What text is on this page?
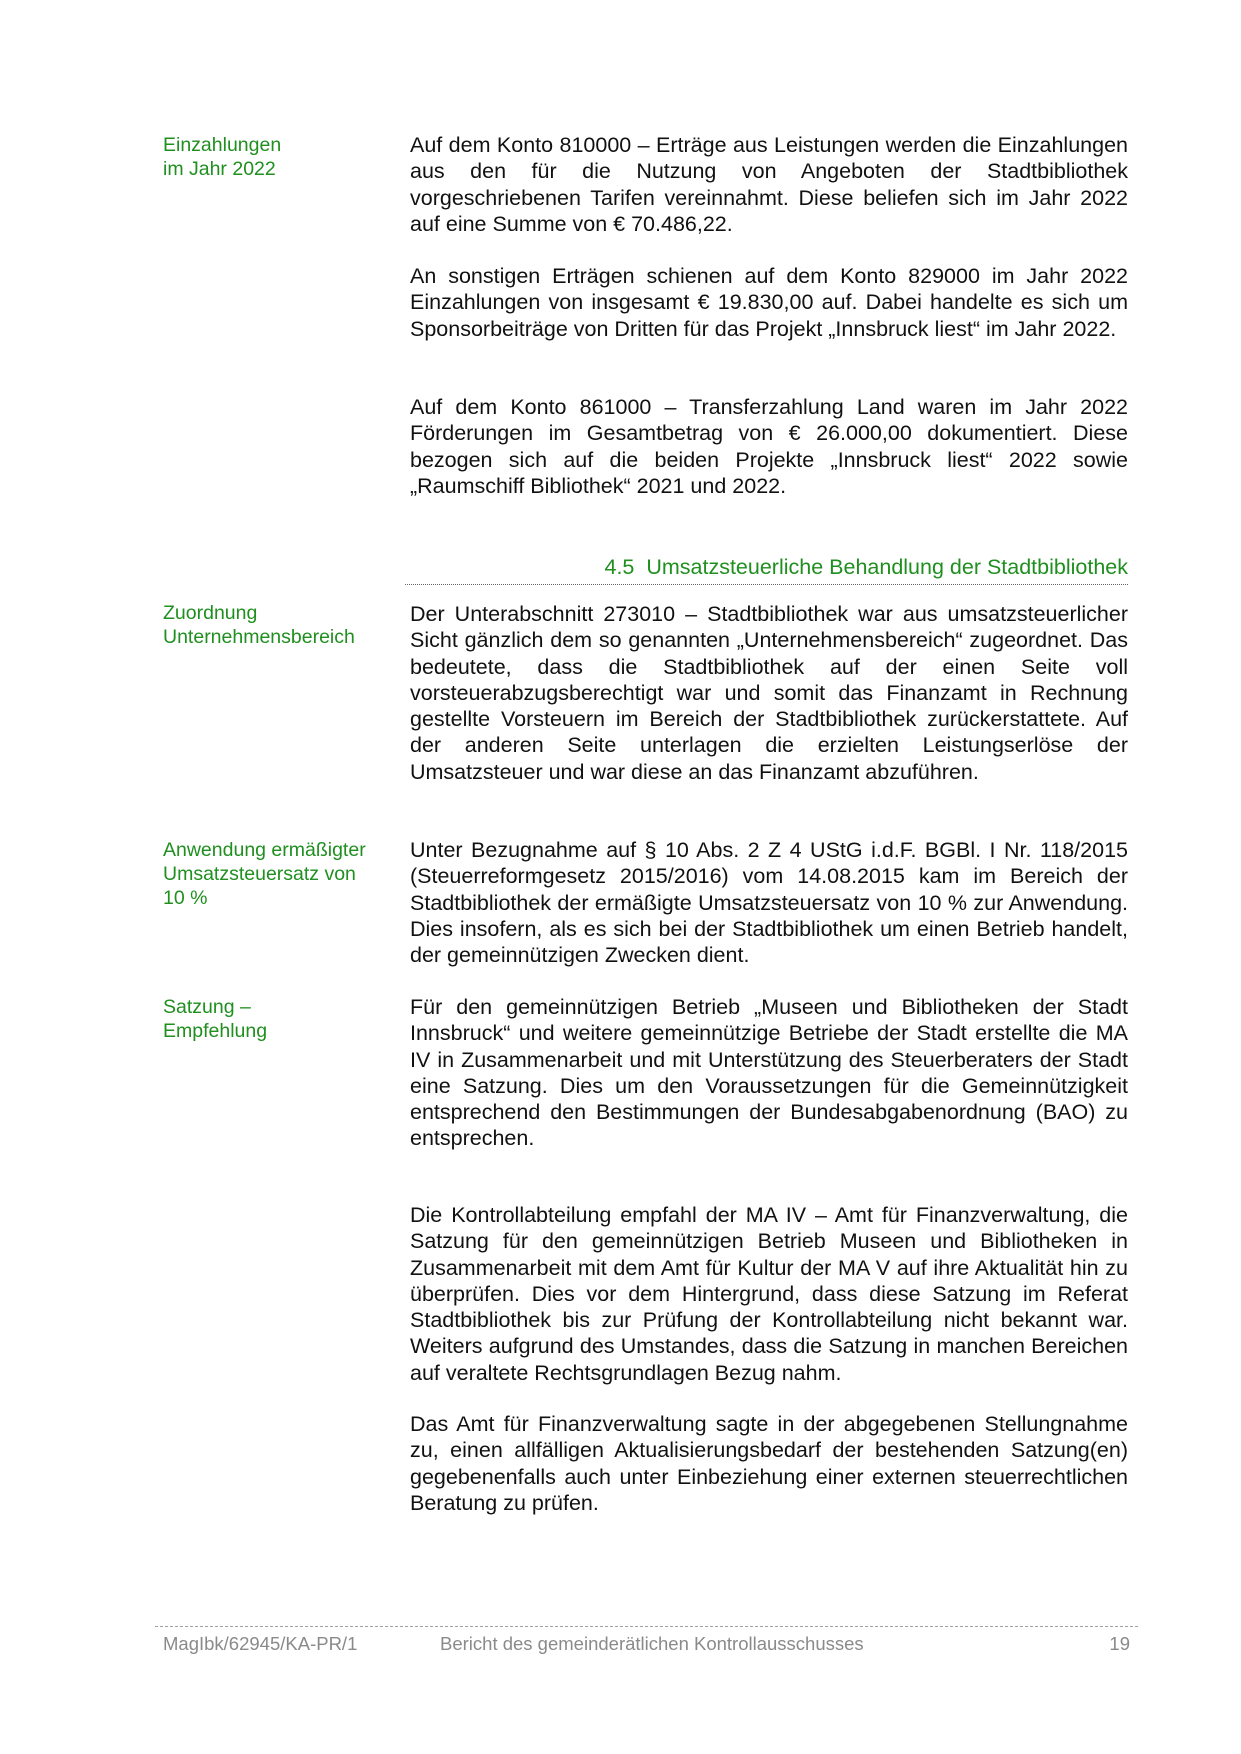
Einzahlungen
im Jahr 2022
Zuordnung
Unternehmensbereich
Anwendung ermäßigter
Umsatzsteuersatz von
10 %
Satzung –
Empfehlung
Auf dem Konto 810000 – Erträge aus Leistungen werden die Einzahlungen aus den für die Nutzung von Angeboten der Stadtbibliothek vorgeschriebenen Tarifen vereinnahmt. Diese beliefen sich im Jahr 2022 auf eine Summe von € 70.486,22.
An sonstigen Erträgen schienen auf dem Konto 829000 im Jahr 2022 Einzahlungen von insgesamt € 19.830,00 auf. Dabei handelte es sich um Sponsorbeiträge von Dritten für das Projekt „Innsbruck liest“ im Jahr 2022.
Auf dem Konto 861000 – Transferzahlung Land waren im Jahr 2022 Förderungen im Gesamtbetrag von € 26.000,00 dokumentiert. Diese bezogen sich auf die beiden Projekte „Innsbruck liest“ 2022 sowie „Raumschiff Bibliothek“ 2021 und 2022.
4.5 Umsatzsteuerliche Behandlung der Stadtbibliothek
Der Unterabschnitt 273010 – Stadtbibliothek war aus umsatzsteuerlicher Sicht gänzlich dem so genannten „Unternehmensbereich“ zugeordnet. Das bedeutete, dass die Stadtbibliothek auf der einen Seite voll vorsteuerabzugsberechtigt war und somit das Finanzamt in Rechnung gestellte Vorsteuern im Bereich der Stadtbibliothek zurückerstattete. Auf der anderen Seite unterlagen die erzielten Leistungserlöse der Umsatzsteuer und war diese an das Finanzamt abzuführen.
Unter Bezugnahme auf § 10 Abs. 2 Z 4 UStG i.d.F. BGBl. I Nr. 118/2015 (Steuerreformgesetz 2015/2016) vom 14.08.2015 kam im Bereich der Stadtbibliothek der ermäßigte Umsatzsteuersatz von 10 % zur Anwendung. Dies insofern, als es sich bei der Stadtbibliothek um einen Betrieb handelt, der gemeinnützigen Zwecken dient.
Für den gemeinnützigen Betrieb „Museen und Bibliotheken der Stadt Innsbruck“ und weitere gemeinnützige Betriebe der Stadt erstellte die MA IV in Zusammenarbeit und mit Unterstützung des Steuerberaters der Stadt eine Satzung. Dies um den Voraussetzungen für die Gemeinnützigkeit entsprechend den Bestimmungen der Bundesabgabenordnung (BAO) zu entsprechen.
Die Kontrollabteilung empfahl der MA IV – Amt für Finanzverwaltung, die Satzung für den gemeinnützigen Betrieb Museen und Bibliotheken in Zusammenarbeit mit dem Amt für Kultur der MA V auf ihre Aktualität hin zu überprüfen. Dies vor dem Hintergrund, dass diese Satzung im Referat Stadtbibliothek bis zur Prüfung der Kontrollabteilung nicht bekannt war. Weiters aufgrund des Umstandes, dass die Satzung in manchen Bereichen auf veraltete Rechtsgrundlagen Bezug nahm.
Das Amt für Finanzverwaltung sagte in der abgegebenen Stellungnahme zu, einen allfälligen Aktualisierungsbedarf der bestehenden Satzung(en) gegebenenfalls auch unter Einbeziehung einer externen steuerrechtlichen Beratung zu prüfen.
MagIbk/62945/KA-PR/1	Bericht des gemeinderätlichen Kontrollausschusses	19
